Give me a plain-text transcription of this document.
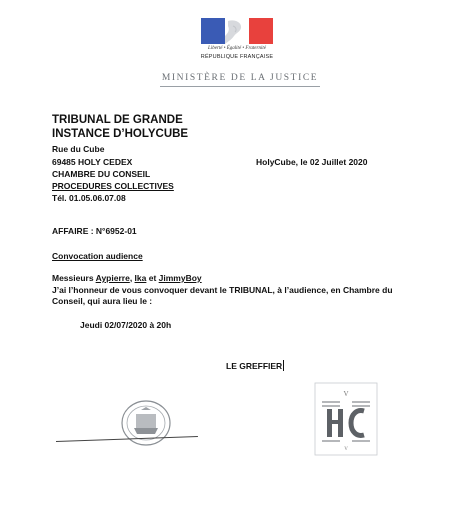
Liberté • Égalité • Fraternité
RÉPUBLIQUE FRANÇAISE
MINISTÈRE DE LA JUSTICE
TRIBUNAL DE GRANDE
INSTANCE D’HOLYCUBE
Rue du Cube
69485 HOLY CEDEX
CHAMBRE DU CONSEIL
PROCEDURES COLLECTIVES
Tél. 01.05.06.07.08
HolyCube, le 02 Juillet 2020
AFFAIRE : N°6952-01
Convocation audience
Messieurs Aypierre, Ika et JimmyBoy
J’ai l’honneur de vous convoquer devant le TRIBUNAL, à l’audience, en Chambre du
Conseil, qui aura lieu le :
Jeudi 02/07/2020 à 20h
LE GREFFIER
V
V
